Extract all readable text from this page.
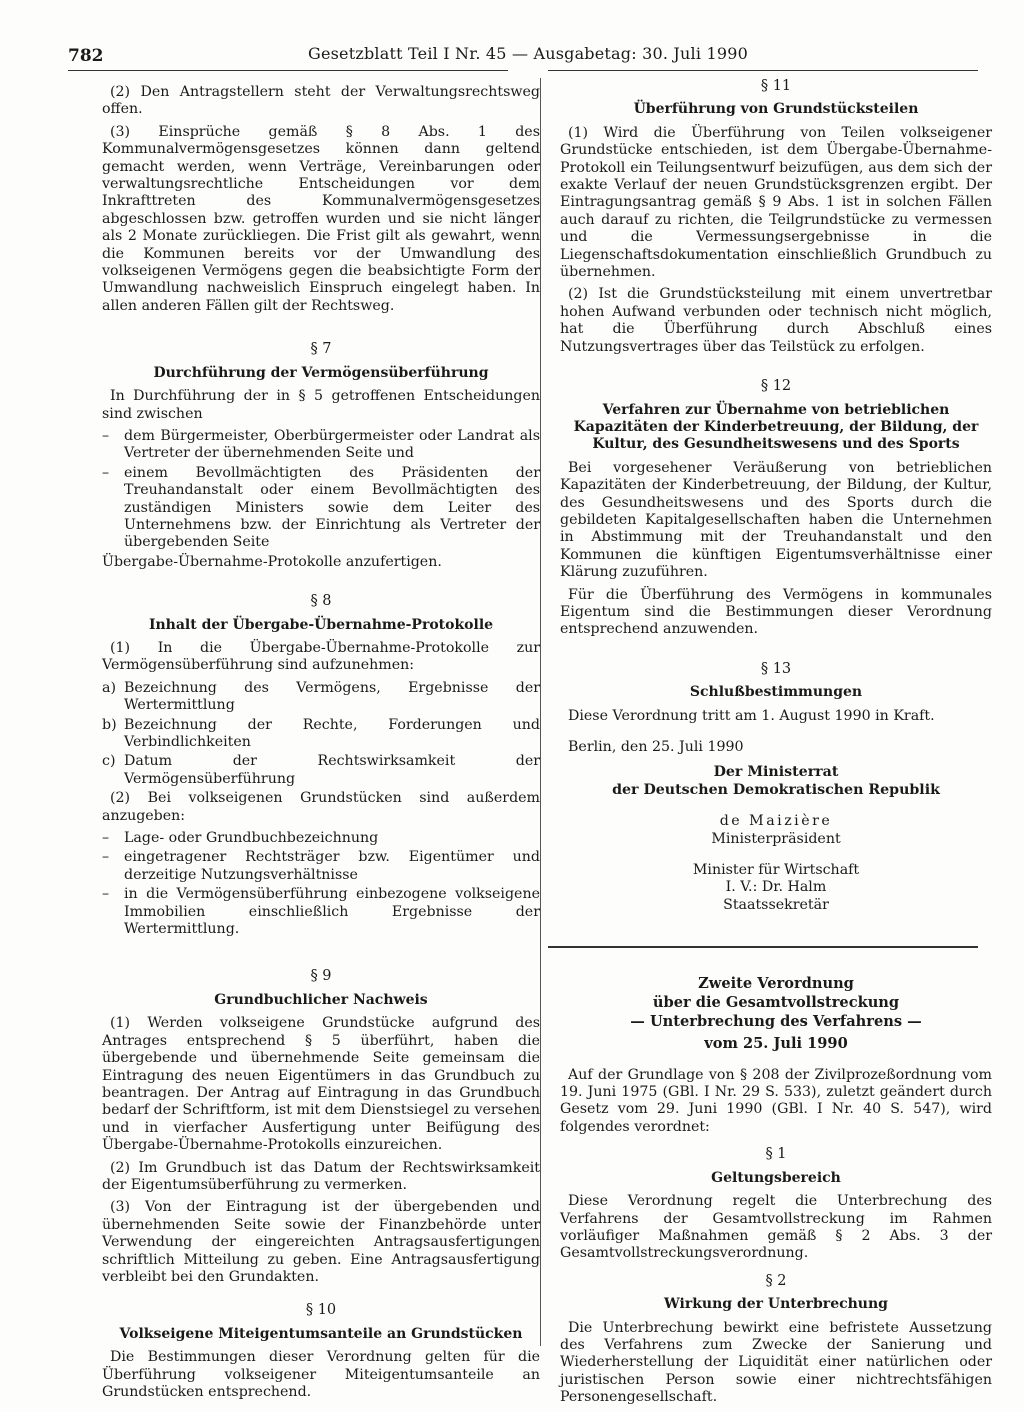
782	Gesetzblatt Teil I Nr. 45 — Ausgabetag: 30. Juli 1990

(2) Den Antragstellern steht der Verwaltungsrechtsweg offen.

(3) Einsprüche gemäß § 8 Abs. 1 des Kommunalvermögensgesetzes können dann geltend gemacht werden, wenn Verträge, Vereinbarungen oder verwaltungsrechtliche Entscheidungen vor dem Inkrafttreten des Kommunalvermögensgesetzes abgeschlossen bzw. getroffen wurden und sie nicht länger als 2 Monate zurückliegen. Die Frist gilt als gewahrt, wenn die Kommunen bereits vor der Umwandlung des volkseigenen Vermögens gegen die beabsichtigte Form der Umwandlung nachweislich Einspruch eingelegt haben. In allen anderen Fällen gilt der Rechtsweg.

§ 7

Durchführung der Vermögensüberführung

In Durchführung der in § 5 getroffenen Entscheidungen sind zwischen

–	dem Bürgermeister, Oberbürgermeister oder Landrat als Vertreter der übernehmenden Seite und
–	einem Bevollmächtigten des Präsidenten der Treuhandanstalt oder einem Bevollmächtigten des zuständigen Ministers sowie dem Leiter des Unternehmens bzw. der Einrichtung als Vertreter der übergebenden Seite

Übergabe-Übernahme-Protokolle anzufertigen.

§ 8

Inhalt der Übergabe-Übernahme-Protokolle

(1) In die Übergabe-Übernahme-Protokolle zur Vermögensüberführung sind aufzunehmen:

a) Bezeichnung des Vermögens, Ergebnisse der Wertermittlung
b) Bezeichnung der Rechte, Forderungen und Verbindlichkeiten
c) Datum der Rechtswirksamkeit der Vermögensüberführung

(2) Bei volkseigenen Grundstücken sind außerdem anzugeben:

–	Lage- oder Grundbuchbezeichnung
–	eingetragener Rechtsträger bzw. Eigentümer und derzeitige Nutzungsverhältnisse
–	in die Vermögensüberführung einbezogene volkseigene Immobilien einschließlich Ergebnisse der Wertermittlung.

§ 9

Grundbuchlicher Nachweis

(1) Werden volkseigene Grundstücke aufgrund des Antrages entsprechend § 5 überführt, haben die übergebende und übernehmende Seite gemeinsam die Eintragung des neuen Eigentümers in das Grundbuch zu beantragen. Der Antrag auf Eintragung in das Grundbuch bedarf der Schriftform, ist mit dem Dienstsiegel zu versehen und in vierfacher Ausfertigung unter Beifügung des Übergabe-Übernahme-Protokolls einzureichen.

(2) Im Grundbuch ist das Datum der Rechtswirksamkeit der Eigentumsüberführung zu vermerken.

(3) Von der Eintragung ist der übergebenden und übernehmenden Seite sowie der Finanzbehörde unter Verwendung der eingereichten Antragsausfertigungen schriftlich Mitteilung zu geben. Eine Antragsausfertigung verbleibt bei den Grundakten.

§ 10

Volkseigene Miteigentumsanteile an Grundstücken

Die Bestimmungen dieser Verordnung gelten für die Überführung volkseigener Miteigentumsanteile an Grundstücken entsprechend.

§ 11

Überführung von Grundstücksteilen

(1) Wird die Überführung von Teilen volkseigener Grundstücke entschieden, ist dem Übergabe-Übernahme-Protokoll ein Teilungsentwurf beizufügen, aus dem sich der exakte Verlauf der neuen Grundstücksgrenzen ergibt. Der Eintragungsantrag gemäß § 9 Abs. 1 ist in solchen Fällen auch darauf zu richten, die Teilgrundstücke zu vermessen und die Vermessungsergebnisse in die Liegenschaftsdokumentation einschließlich Grundbuch zu übernehmen.

(2) Ist die Grundstücksteilung mit einem unvertretbar hohen Aufwand verbunden oder technisch nicht möglich, hat die Überführung durch Abschluß eines Nutzungsvertrages über das Teilstück zu erfolgen.

§ 12

Verfahren zur Übernahme von betrieblichen Kapazitäten der Kinderbetreuung, der Bildung, der Kultur, des Gesundheitswesens und des Sports

Bei vorgesehener Veräußerung von betrieblichen Kapazitäten der Kinderbetreuung, der Bildung, der Kultur, des Gesundheitswesens und des Sports durch die gebildeten Kapitalgesellschaften haben die Unternehmen in Abstimmung mit der Treuhandanstalt und den Kommunen die künftigen Eigentumsverhältnisse einer Klärung zuzuführen.

Für die Überführung des Vermögens in kommunales Eigentum sind die Bestimmungen dieser Verordnung entsprechend anzuwenden.

§ 13

Schlußbestimmungen

Diese Verordnung tritt am 1. August 1990 in Kraft.

Berlin, den 25. Juli 1990

Der Ministerrat

der Deutschen Demokratischen Republik

de Maizière

Ministerpräsident

Minister für Wirtschaft

I. V.: Dr. Halm

Staatssekretär

Zweite Verordnung

über die Gesamtvollstreckung

— Unterbrechung des Verfahrens —

vom 25. Juli 1990

Auf der Grundlage von § 208 der Zivilprozeßordnung vom 19. Juni 1975 (GBl. I Nr. 29 S. 533), zuletzt geändert durch Gesetz vom 29. Juni 1990 (GBl. I Nr. 40 S. 547), wird folgendes verordnet:

§ 1

Geltungsbereich

Diese Verordnung regelt die Unterbrechung des Verfahrens der Gesamtvollstreckung im Rahmen vorläufiger Maßnahmen gemäß § 2 Abs. 3 der Gesamtvollstreckungsverordnung.

§ 2

Wirkung der Unterbrechung

Die Unterbrechung bewirkt eine befristete Aussetzung des Verfahrens zum Zwecke der Sanierung und Wiederherstellung der Liquidität einer natürlichen oder juristischen Person sowie einer nichtrechtsfähigen Personengesellschaft.
